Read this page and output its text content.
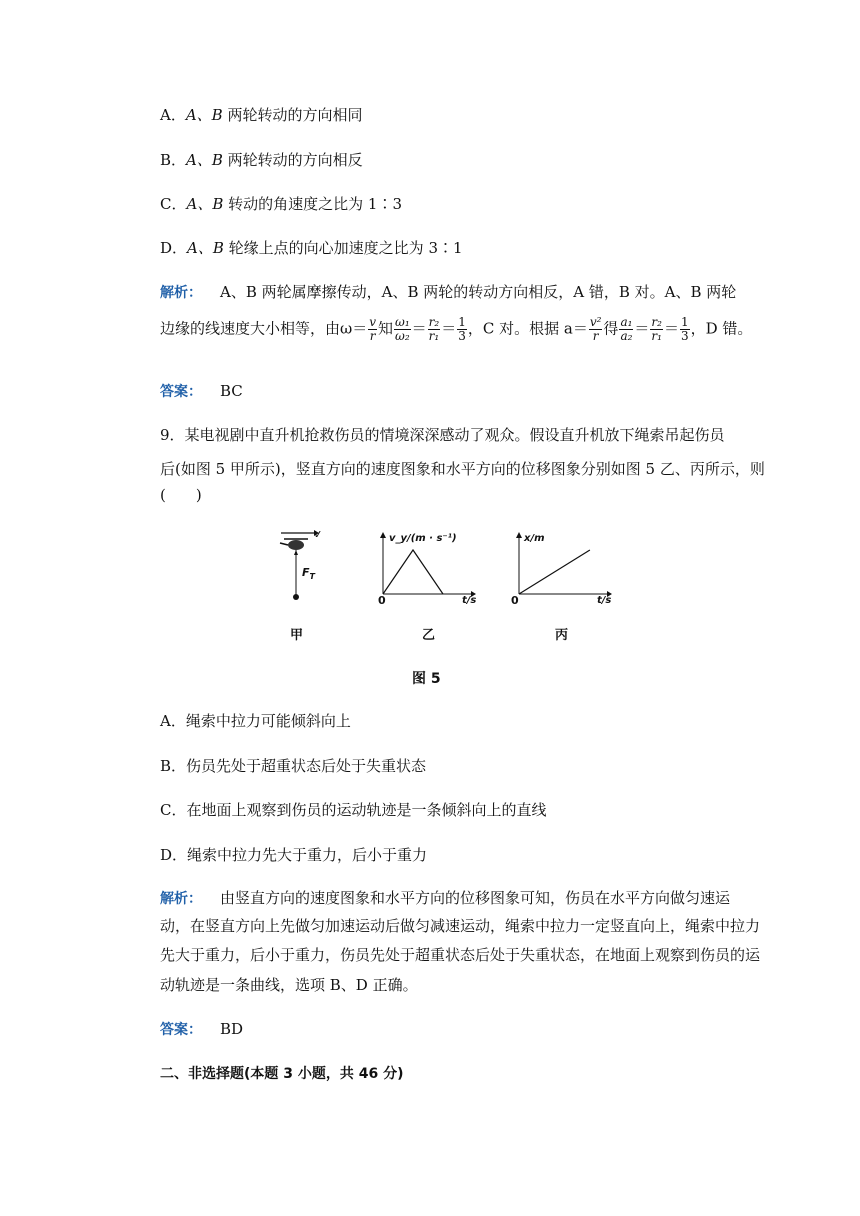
A．A、B 两轮转动的方向相同
B．A、B 两轮转动的方向相反
C．A、B 转动的角速度之比为 1∶3
D．A、B 轮缘上点的向心加速度之比为 3∶1
解析： A、B 两轮属摩擦传动，A、B 两轮的转动方向相反，A 错，B 对。A、B 两轮
边缘的线速度大小相等，由$\omega= \frac{v}{r}$ 知 $\frac{\text{ω₁}}{\text{ω₂}} = \frac{\text{r₂}}{\text{r₁}} = \frac{1}{3}$ ，C 对。根据 $a= \frac{\text{v²}}{r}$ 得 $\frac{\text{a₁}}{\text{a₂}} = \frac{\text{r₂}}{\text{r₁}} = \frac{1}{3}$ ，D 错。
答案： BC
9．某电视剧中直升机抢救伤员的情境深深感动了观众。假设直升机放下绳索吊起伤员
后(如图 5 甲所示)，竖直方向的速度图象和水平方向的位移图象分别如图 5 乙、丙所示，则
(　　)
v
$F_T$
v_y/(m · s⁻¹)
0	t/s
x/m
0	t/s
甲	乙	丙
图 5
A．绳索中拉力可能倾斜向上
B．伤员先处于超重状态后处于失重状态
C．在地面上观察到伤员的运动轨迹是一条倾斜向上的直线
D．绳索中拉力先大于重力，后小于重力
解析： 由竖直方向的速度图象和水平方向的位移图象可知，伤员在水平方向做匀速运
动，在竖直方向上先做匀加速运动后做匀减速运动，绳索中拉力一定竖直向上，绳索中拉力
先大于重力，后小于重力，伤员先处于超重状态后处于失重状态，在地面上观察到伤员的运
动轨迹是一条曲线，选项 B、D 正确。
答案： BD
二、非选择题(本题 3 小题，共 46 分)
